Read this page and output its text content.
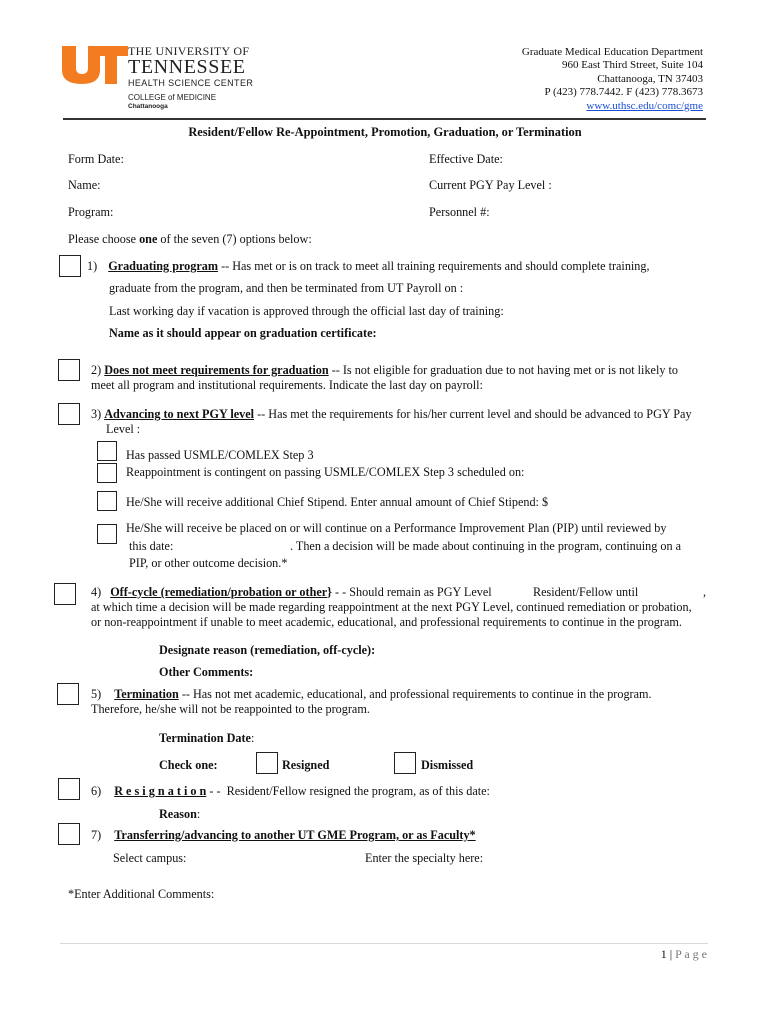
THE UNIVERSITY OF
TENNESSEE
HEALTH SCIENCE CENTER
COLLEGE of MEDICINE
Chattanooga
Graduate Medical Education Department
960 East Third Street, Suite 104
Chattanooga, TN 37403
P (423) 778.7442. F (423) 778.3673
www.uthsc.edu/comc/gme
Resident/Fellow Re-Appointment, Promotion, Graduation, or Termination
Form Date:	Effective Date:
Name:	Current PGY Pay Level :
Program:	Personnel #:
Please choose one of the seven (7) options below:
1) Graduating program -- Has met or is on track to meet all training requirements and should complete training,
graduate from the program, and then be terminated from UT Payroll on :
Last working day if vacation is approved through the official last day of training:
Name as it should appear on graduation certificate:
2) Does not meet requirements for graduation -- Is not eligible for graduation due to not having met or is not likely to
meet all program and institutional requirements. Indicate the last day on payroll:
3) Advancing to next PGY level -- Has met the requirements for his/her current level and should be advanced to PGY Pay
Level :
Has passed USMLE/COMLEX Step 3
Reappointment is contingent on passing USMLE/COMLEX Step 3 scheduled on:
He/She will receive additional Chief Stipend. Enter annual amount of Chief Stipend: $
He/She will receive be placed on or will continue on a Performance Improvement Plan (PIP) until reviewed by
this date:	. Then a decision will be made about continuing in the program, continuing on a
PIP, or other outcome decision.*
4) Off-cycle (remediation/probation or other} - - Should remain as PGY Level	Resident/Fellow until	,
at which time a decision will be made regarding reappointment at the next PGY Level, continued remediation or probation,
or non-reappointment if unable to meet academic, educational, and professional requirements to continue in the program.
Designate reason (remediation, off-cycle):
Other Comments:
5) Termination -- Has not met academic, educational, and professional requirements to continue in the program.
Therefore, he/she will not be reappointed to the program.
Termination Date:
Check one:	Resigned	Dismissed
6) R e s i g n a t i o n - -  Resident/Fellow resigned the program, as of this date:
Reason:
7) Transferring/advancing to another UT GME Program, or as Faculty*
Select campus:	Enter the specialty here:
*Enter Additional Comments:
1 | P a g e
